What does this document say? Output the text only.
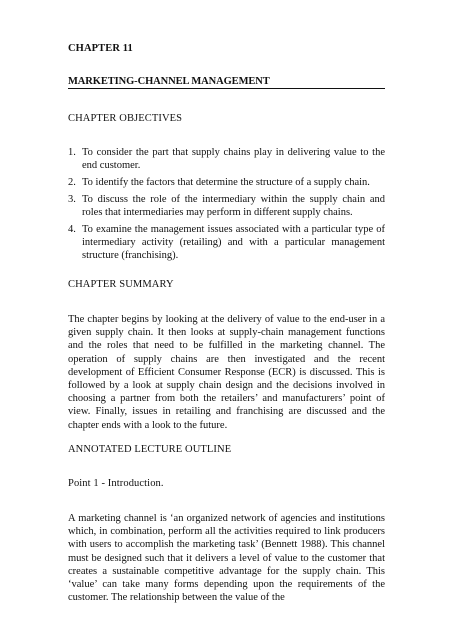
CHAPTER 11
MARKETING-CHANNEL MANAGEMENT
CHAPTER OBJECTIVES
1. To consider the part that supply chains play in delivering value to the end customer.
2. To identify the factors that determine the structure of a supply chain.
3. To discuss the role of the intermediary within the supply chain and roles that intermediaries may perform in different supply chains.
4. To examine the management issues associated with a particular type of intermediary activity (retailing) and with a particular management structure (franchising).
CHAPTER SUMMARY

The chapter begins by looking at the delivery of value to the end-user in a given supply chain. It then looks at supply-chain management functions and the roles that need to be fulfilled in the marketing channel. The operation of supply chains are then investigated and the recent development of Efficient Consumer Response (ECR) is discussed. This is followed by a look at supply chain design and the decisions involved in choosing a partner from both the retailers’ and manufacturers’ point of view. Finally, issues in retailing and franchising are discussed and the chapter ends with a look to the future.

ANNOTATED LECTURE OUTLINE
Point 1 - Introduction.

A marketing channel is ‘an organized network of agencies and institutions which, in combination, perform all the activities required to link producers with users to accomplish the marketing task’ (Bennett 1988). This channel must be designed such that it delivers a level of value to the customer that creates a sustainable competitive advantage for the supply chain. This ‘value’ can take many forms depending upon the requirements of the customer. The relationship between the value of the
